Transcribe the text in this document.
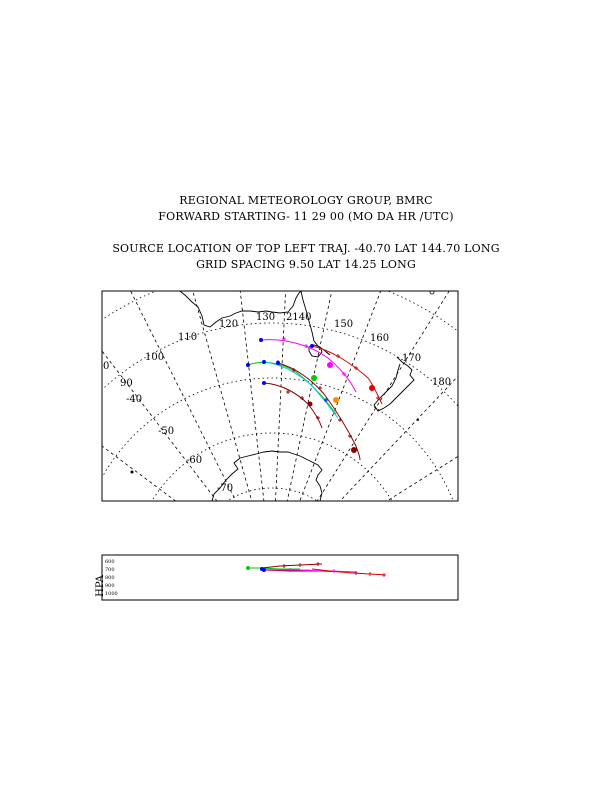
REGIONAL METEOROLOGY GROUP, BMRC
FORWARD STARTING- 11 29 00 (MO DA HR /UTC)
SOURCE LOCATION OF TOP LEFT TRAJ. -40.70 LAT 144.70 LONG
GRID SPACING 9.50 LAT 14.25 LONG
0
90
100
110
120
130 2140
150
160
170
180
-40
-50
-60
-70
HPA
600
700
800
900
1000
